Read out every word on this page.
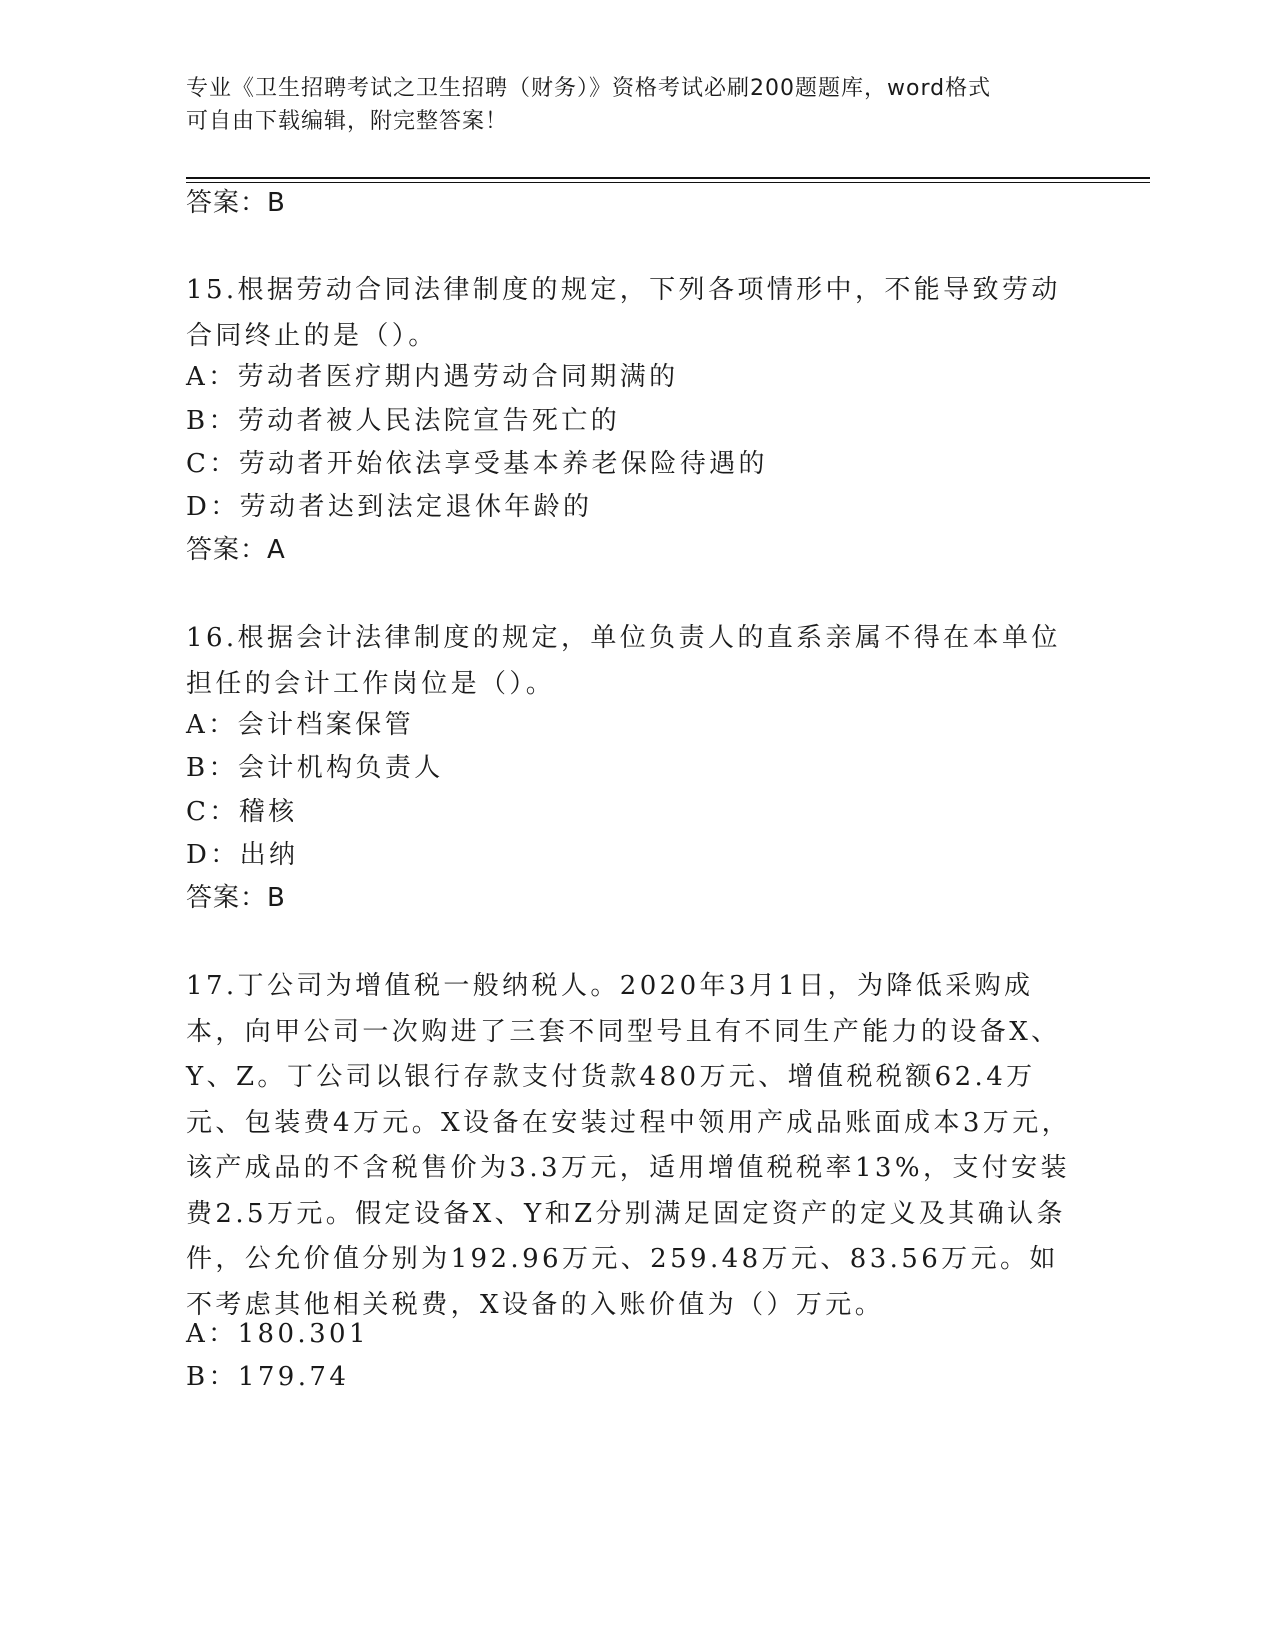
专业《卫生招聘考试之卫生招聘（财务）》资格考试必刷200题题库，word格式
可自由下载编辑，附完整答案！
答案：B
15.根据劳动合同法律制度的规定，下列各项情形中，不能导致劳动合同终止的是（）。
A：劳动者医疗期内遇劳动合同期满的
B：劳动者被人民法院宣告死亡的
C：劳动者开始依法享受基本养老保险待遇的
D：劳动者达到法定退休年龄的
答案：A
16.根据会计法律制度的规定，单位负责人的直系亲属不得在本单位担任的会计工作岗位是（）。
A：会计档案保管
B：会计机构负责人
C：稽核
D：出纳
答案：B
17.丁公司为增值税一般纳税人。2020年3月1日，为降低采购成本，向甲公司一次购进了三套不同型号且有不同生产能力的设备X、Y、Z。丁公司以银行存款支付货款480万元、增值税税额62.4万元、包装费4万元。X设备在安装过程中领用产成品账面成本3万元，该产成品的不含税售价为3.3万元，适用增值税税率13%，支付安装费2.5万元。假定设备X、Y和Z分别满足固定资产的定义及其确认条件，公允价值分别为192.96万元、259.48万元、83.56万元。如不考虑其他相关税费，X设备的入账价值为（）万元。
A：180.301
B：179.74
